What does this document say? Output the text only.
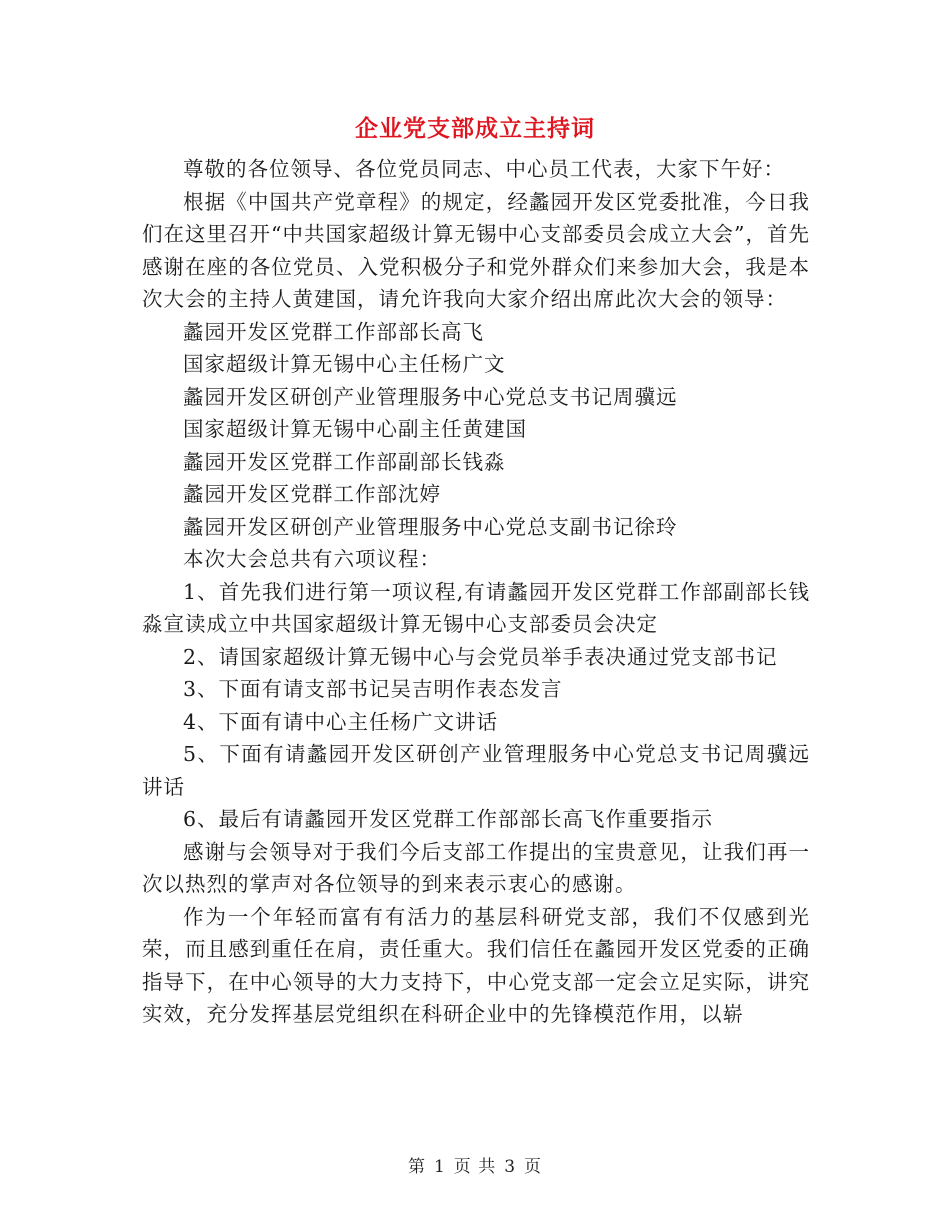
企业党支部成立主持词

尊敬的各位领导、各位党员同志、中心员工代表，大家下午好：

根据《中国共产党章程》的规定，经蠡园开发区党委批准，今日我们在这里召开“中共国家超级计算无锡中心支部委员会成立大会”，首先感谢在座的各位党员、入党积极分子和党外群众们来参加大会，我是本次大会的主持人黄建国，请允许我向大家介绍出席此次大会的领导：

蠡园开发区党群工作部部长高飞

国家超级计算无锡中心主任杨广文

蠡园开发区研创产业管理服务中心党总支书记周骥远

国家超级计算无锡中心副主任黄建国

蠡园开发区党群工作部副部长钱淼

蠡园开发区党群工作部沈婷

蠡园开发区研创产业管理服务中心党总支副书记徐玲

本次大会总共有六项议程：

1、首先我们进行第一项议程,有请蠡园开发区党群工作部副部长钱淼宣读成立中共国家超级计算无锡中心支部委员会决定

2、请国家超级计算无锡中心与会党员举手表决通过党支部书记

3、下面有请支部书记吴吉明作表态发言

4、下面有请中心主任杨广文讲话

5、下面有请蠡园开发区研创产业管理服务中心党总支书记周骥远讲话

6、最后有请蠡园开发区党群工作部部长高飞作重要指示

感谢与会领导对于我们今后支部工作提出的宝贵意见，让我们再一次以热烈的掌声对各位领导的到来表示衷心的感谢。

作为一个年轻而富有有活力的基层科研党支部，我们不仅感到光荣，而且感到重任在肩，责任重大。我们信任在蠡园开发区党委的正确指导下，在中心领导的大力支持下，中心党支部一定会立足实际，讲究实效，充分发挥基层党组织在科研企业中的先锋模范作用，以崭

第 1 页 共 3 页
